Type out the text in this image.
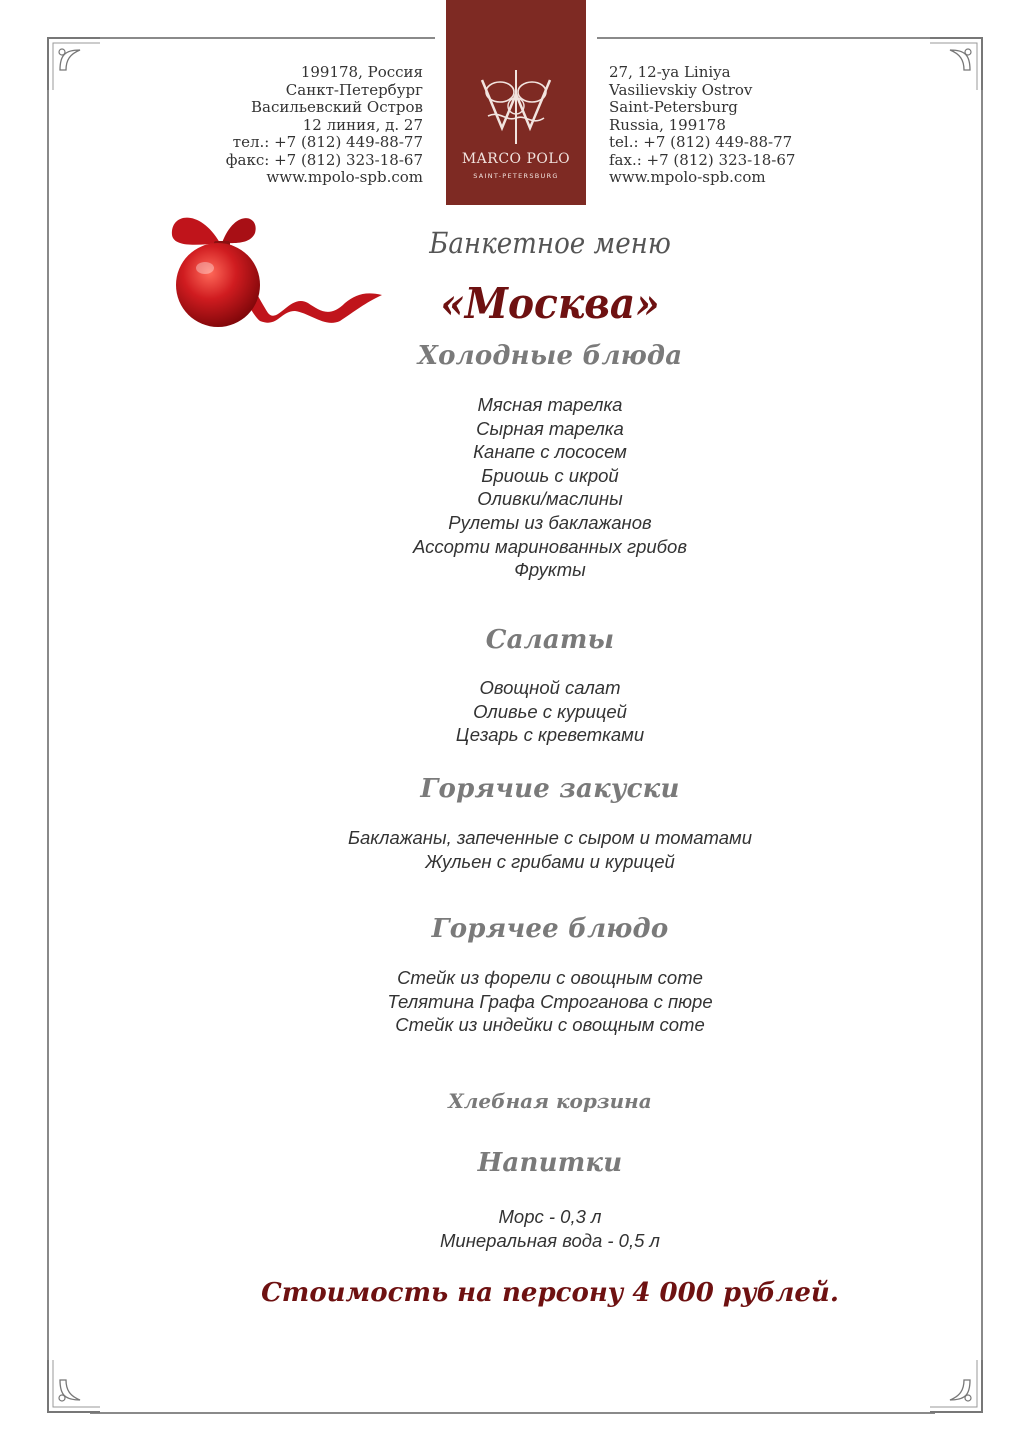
199178, Россия
Санкт-Петербург
Васильевский Остров
12 линия, д. 27
тел.: +7 (812) 449-88-77
факс: +7 (812) 323-18-67
www.mpolo-spb.com
27, 12-ya Liniya
Vasilievskiy Ostrov
Saint-Petersburg
Russia, 199178
tel.: +7 (812) 449-88-77
fax.: +7 (812) 323-18-67
www.mpolo-spb.com
MARCO POLO
SAINT-PETERSBURG
Банкетное меню
«Москва»
Холодные блюда
Мясная тарелка
Сырная тарелка
Канапе с лососем
Бриошь с икрой
Оливки/маслины
Рулеты из баклажанов
Ассорти маринованных грибов
Фрукты
Салаты
Овощной салат
Оливье с курицей
Цезарь с креветками
Горячие закуски
Баклажаны, запеченные с сыром и томатами
Жульен с грибами и курицей
Горячее блюдо
Стейк из форели с овощным соте
Телятина Графа Строганова с пюре
Стейк из индейки с овощным соте
Хлебная корзина
Напитки
Морс - 0,3 л
Минеральная вода - 0,5 л
Стоимость на персону 4 000 рублей.
